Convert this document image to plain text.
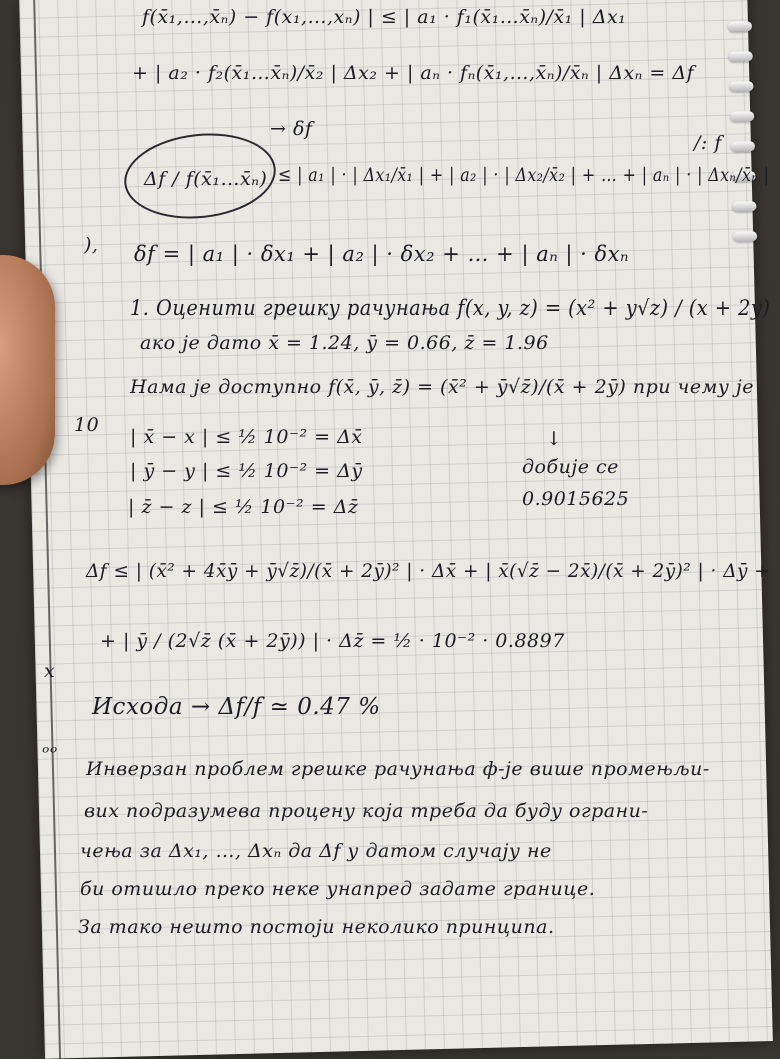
f(x̄₁,…,x̄ₙ) − f(x₁,…,xₙ) | ≤ | a₁ · f₁(x̄₁…x̄ₙ)/x̄₁ | Δx₁
+ | a₂ · f₂(x̄₁…x̄ₙ)/x̄₂ | Δx₂ + | aₙ · fₙ(x̄₁,…,x̄ₙ)/x̄ₙ | Δxₙ = Δf
Δf / f(x̄₁…x̄ₙ)
→ δf
≤ | a₁ | · | Δx₁/x̄₁ | + | a₂ | · | Δx₂/x̄₂ | + … + | aₙ | · | Δxₙ/x̄ₙ |
/: f
δf = | a₁ | · δx₁ + | a₂ | · δx₂ + … + | aₙ | · δxₙ
1. Оценити грешку рачунања f(x, y, z) = (x² + y√z) / (x + 2y)
ако је дато x̄ = 1.24, ȳ = 0.66, z̄ = 1.96
Нама је доступно f(x̄, ȳ, z̄) = (x̄² + ȳ√z̄)/(x̄ + 2ȳ) при чему је
| x̄ − x | ≤ ½ 10⁻² = Δx̄	↓
| ȳ − y | ≤ ½ 10⁻² = Δȳ	добије се
| z̄ − z | ≤ ½ 10⁻² = Δz̄	0.9015625
Δf ≤ | (x̄² + 4x̄ȳ + ȳ√z̄)/(x̄ + 2ȳ)² | · Δx̄ + | x̄(√z̄ − 2x̄)/(x̄ + 2ȳ)² | · Δȳ +
+ | ȳ / (2√z̄ (x̄ + 2ȳ)) | · Δz̄ = ½ · 10⁻² · 0.8897
Исхода → Δf/f ≃ 0.47 %
Инверзан проблем грешке рачунања ф-је више промењљи-
вих подразумева процену која треба да буду ограни-
чења за Δx₁, …, Δxₙ да Δf у датом случају не
би отишло преко неке унапред задате границе.
За тако нешто постоји неколико принципа.
),
10
x
ᵒᵒ
